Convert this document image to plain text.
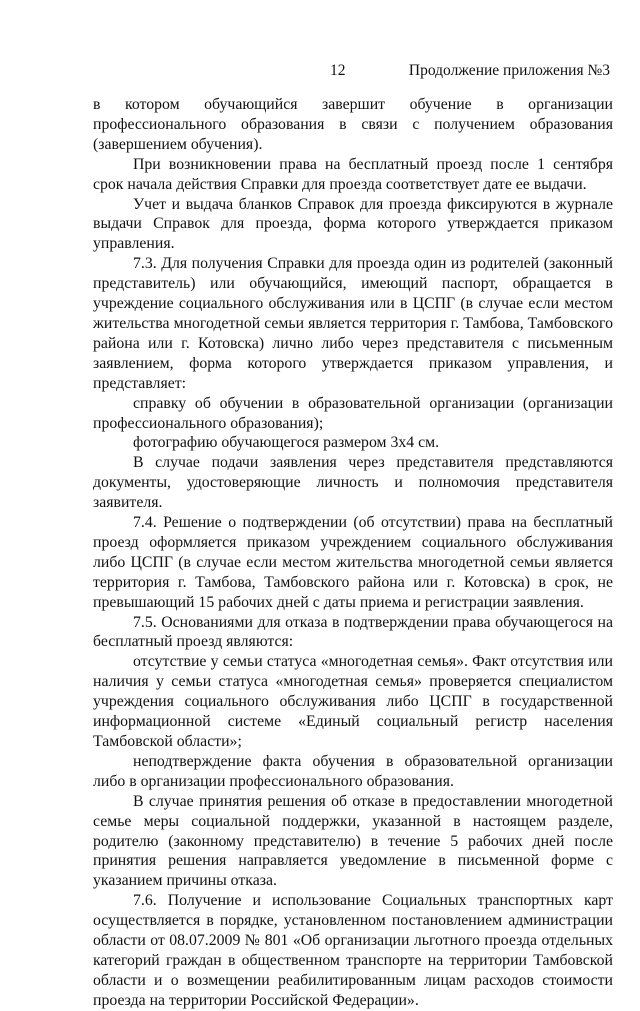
12	Продолжение приложения №3

в котором обучающийся завершит обучение в организации профессионального образования в связи с получением образования (завершением обучения).

При возникновении права на бесплатный проезд после 1 сентября срок начала действия Справки для проезда соответствует дате ее выдачи.

Учет и выдача бланков Справок для проезда фиксируются в журнале выдачи Справок для проезда, форма которого утверждается приказом управления.

7.3. Для получения Справки для проезда один из родителей (законный представитель) или обучающийся, имеющий паспорт, обращается в учреждение социального обслуживания или в ЦСПГ (в случае если местом жительства многодетной семьи является территория г. Тамбова, Тамбовского района или г. Котовска) лично либо через представителя с письменным заявлением, форма которого утверждается приказом управления, и представляет:

справку об обучении в образовательной организации (организации профессионального образования);

фотографию обучающегося размером 3х4 см.

В случае подачи заявления через представителя представляются документы, удостоверяющие личность и полномочия представителя заявителя.

7.4. Решение о подтверждении (об отсутствии) права на бесплатный проезд оформляется приказом учреждением социального обслуживания либо ЦСПГ (в случае если местом жительства многодетной семьи является территория г. Тамбова, Тамбовского района или г. Котовска) в срок, не превышающий 15 рабочих дней с даты приема и регистрации заявления.

7.5. Основаниями для отказа в подтверждении права обучающегося на бесплатный проезд являются:

отсутствие у семьи статуса «многодетная семья». Факт отсутствия или наличия у семьи статуса «многодетная семья» проверяется специалистом учреждения социального обслуживания либо ЦСПГ в государственной информационной системе «Единый социальный регистр населения Тамбовской области»;

неподтверждение факта обучения в образовательной организации либо в организации профессионального образования.

В случае принятия решения об отказе в предоставлении многодетной семье меры социальной поддержки, указанной в настоящем разделе, родителю (законному представителю) в течение 5 рабочих дней после принятия решения направляется уведомление в письменной форме с указанием причины отказа.

7.6. Получение и использование Социальных транспортных карт осуществляется в порядке, установленном постановлением администрации области от 08.07.2009 № 801 «Об организации льготного проезда отдельных категорий граждан в общественном транспорте на территории Тамбовской области и о возмещении реабилитированным лицам расходов стоимости проезда на территории Российской Федерации».
